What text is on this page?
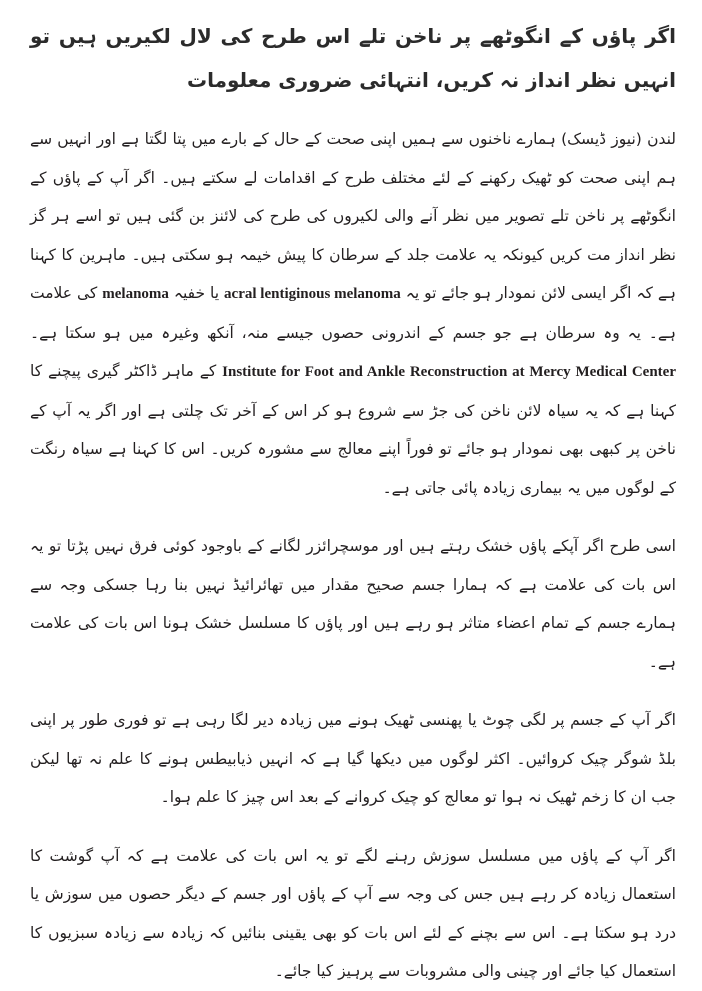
اگر پاؤں کے انگوٹھے پر ناخن تلے اس طرح کی لال لکیریں ہیں تو انہیں نظر انداز نہ کریں، انتہائی ضروری معلومات

لندن (نیوز ڈیسک) ہمارے ناخنوں سے ہمیں اپنی صحت کے حال کے بارے میں پتا لگتا ہے اور انہیں سے ہم اپنی صحت کو ٹھیک رکھنے کے لئے مختلف طرح کے اقدامات لے سکتے ہیں۔ اگر آپ کے پاؤں کے انگوٹھے پر ناخن تلے تصویر میں نظر آنے والی لکیروں کی طرح کی لائنز بن گئی ہیں تو اسے ہر گز نظر انداز مت کریں کیونکہ یہ علامت جلد کے سرطان کا پیش خیمہ ہو سکتی ہیں۔ ماہرین کا کہنا ہے کہ اگر ایسی لائن نمودار ہو جائے تو یہ acral lentiginous melanoma یا خفیہ melanoma کی علامت ہے۔ یہ وہ سرطان ہے جو جسم کے اندرونی حصوں جیسے منہ، آنکھ وغیرہ میں ہو سکتا ہے۔ Institute for Foot and Ankle Reconstruction at Mercy Medical Center کے ماہر ڈاکٹر گیری پیچنے کا کہنا ہے کہ یہ سیاہ لائن ناخن کی جڑ سے شروع ہو کر اس کے آخر تک چلتی ہے اور اگر یہ آپ کے ناخن پر کبھی بھی نمودار ہو جائے تو فوراً اپنے معالج سے مشورہ کریں۔ اس کا کہنا ہے سیاہ رنگت کے لوگوں میں یہ بیماری زیادہ پائی جاتی ہے۔

اسی طرح اگر آپکے پاؤں خشک رہتے ہیں اور موسچرائزر لگانے کے باوجود کوئی فرق نہیں پڑتا تو یہ اس بات کی علامت ہے کہ ہمارا جسم صحیح مقدار میں تھائرائیڈ نہیں بنا رہا جسکی وجہ سے ہمارے جسم کے تمام اعضاء متاثر ہو رہے ہیں اور پاؤں کا مسلسل خشک ہونا اس بات کی علامت ہے۔

اگر آپ کے جسم پر لگی چوٹ یا پھنسی ٹھیک ہونے میں زیادہ دیر لگا رہی ہے تو فوری طور پر اپنی بلڈ شوگر چیک کروائیں۔ اکثر لوگوں میں دیکھا گیا ہے کہ انہیں ذیابیطس ہونے کا علم نہ تھا لیکن جب ان کا زخم ٹھیک نہ ہوا تو معالج کو چیک کروانے کے بعد اس چیز کا علم ہوا۔

اگر آپ کے پاؤں میں مسلسل سوزش رہنے لگے تو یہ اس بات کی علامت ہے کہ آپ گوشت کا استعمال زیادہ کر رہے ہیں جس کی وجہ سے آپ کے پاؤں اور جسم کے دیگر حصوں میں سوزش یا درد ہو سکتا ہے۔ اس سے بچنے کے لئے اس بات کو بھی یقینی بنائیں کہ زیادہ سے زیادہ سبزیوں کا استعمال کیا جائے اور چینی والی مشروبات سے پرہیز کیا جائے۔
